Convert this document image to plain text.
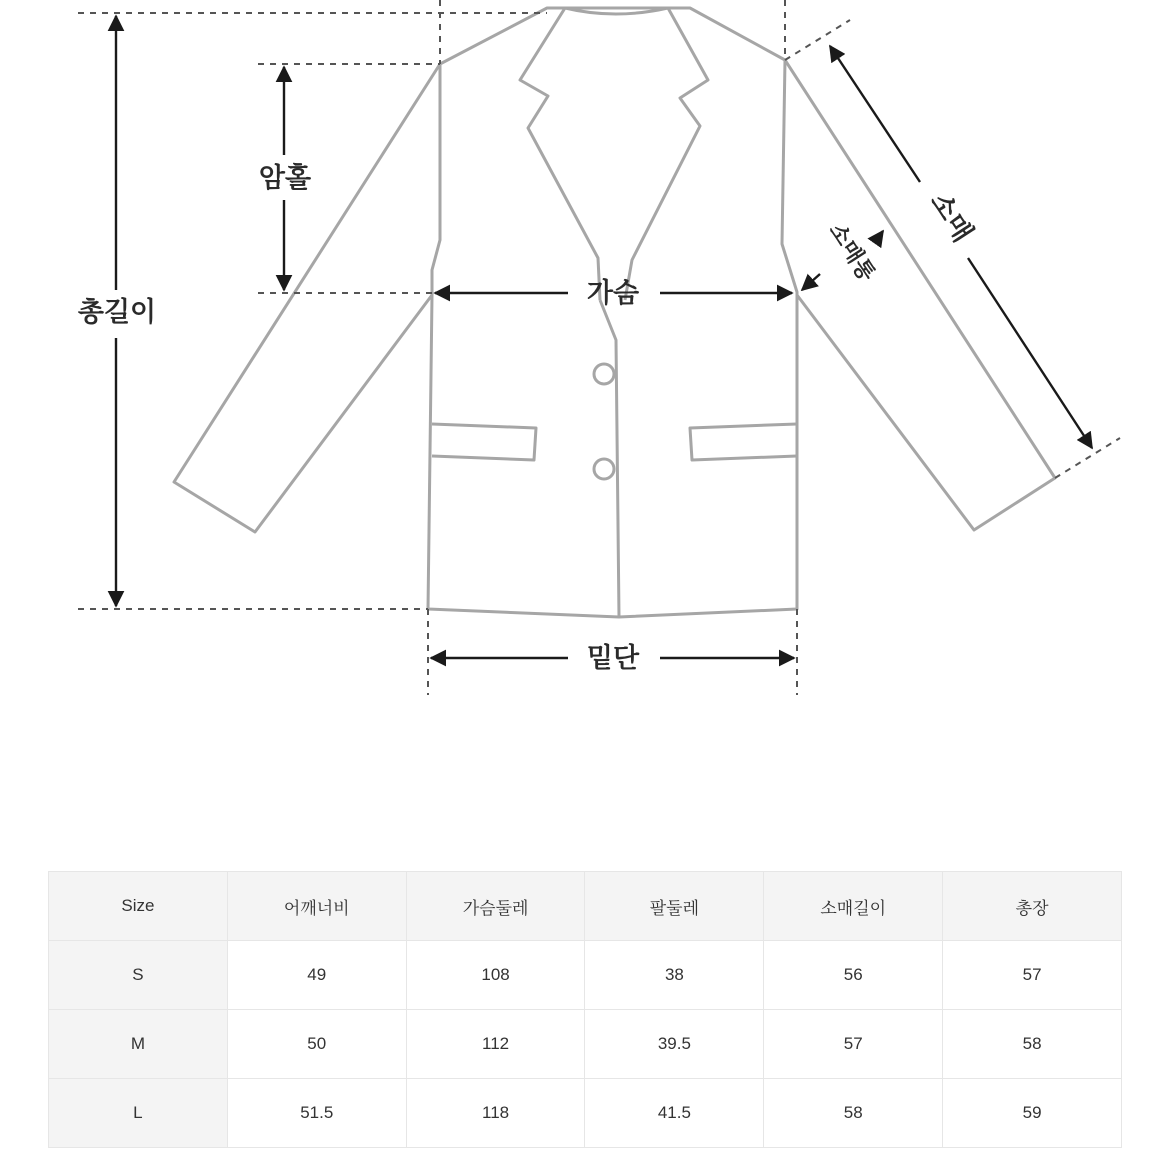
총길이
암홀
가슴
밑단
소매
소매통
Size	어깨너비	가슴둘레	팔둘레	소매길이	총장
S	49	108	38	56	57
M	50	112	39.5	57	58
L	51.5	118	41.5	58	59
